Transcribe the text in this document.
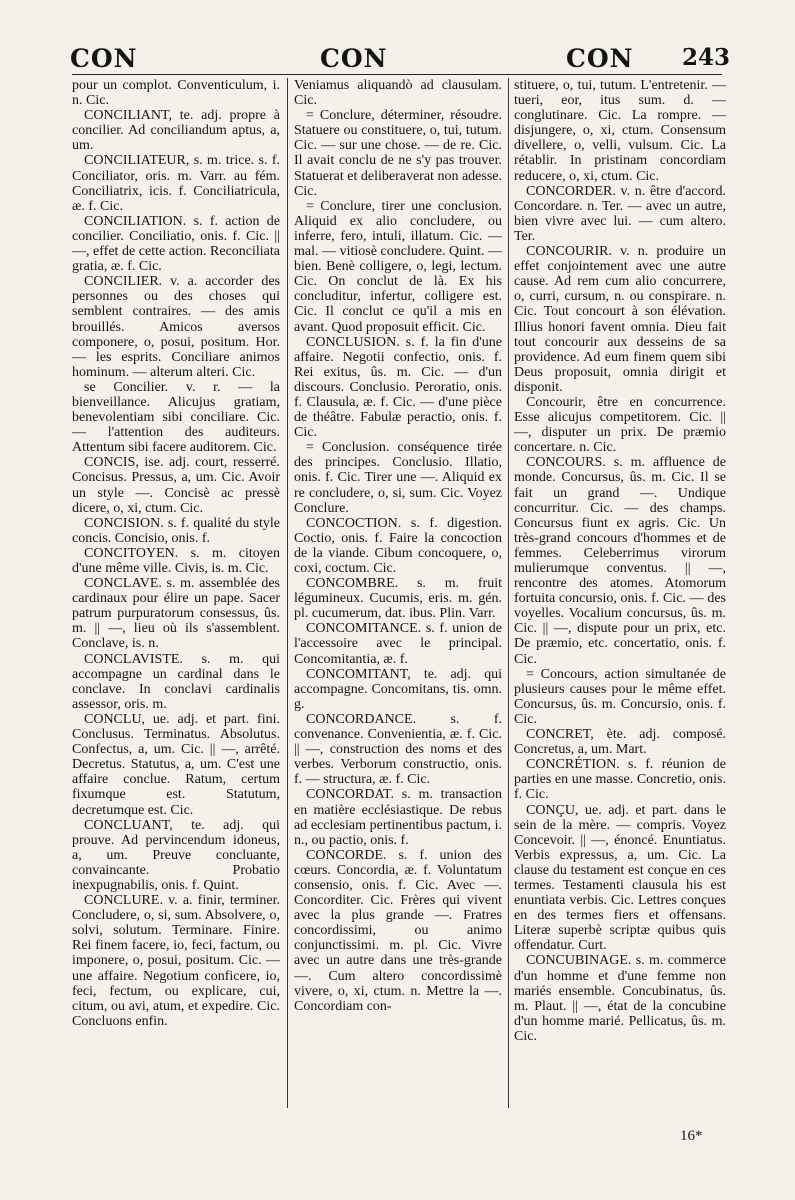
CON	CON	CON 243

pour un complot. Conventiculum, i. n. Cic.

CONCILIANT, te. adj. propre à concilier. Ad conciliandum aptus, a, um.

CONCILIATEUR, s. m. trice. s. f. Conciliator, oris. m. Varr. au fém. Conciliatrix, icis. f. Conciliatricula, æ. f. Cic.

CONCILIATION. s. f. action de concilier. Conciliatio, onis. f. Cic. || —, effet de cette action. Reconciliata gratia, æ. f. Cic.

CONCILIER. v. a. accorder des personnes ou des choses qui semblent contraires. — des amis brouillés. Amicos aversos componere, o, posui, positum. Hor. — les esprits. Conciliare animos hominum. — alterum alteri. Cic.

se Concilier. v. r. — la bienveillance. Alicujus gratiam, benevolentiam sibi conciliare. Cic. — l'attention des auditeurs. Attentum sibi facere auditorem. Cic.

CONCIS, ise. adj. court, resserré. Concisus. Pressus, a, um. Cic. Avoir un style —. Concisè ac pressè dicere, o, xi, ctum. Cic.

CONCISION. s. f. qualité du style concis. Concisio, onis. f.

CONCITOYEN. s. m. citoyen d'une même ville. Civis, is. m. Cic.

CONCLAVE. s. m. assemblée des cardinaux pour élire un pape. Sacer patrum purpuratorum consessus, ûs. m. || —, lieu où ils s'assemblent. Conclave, is. n.

CONCLAVISTE. s. m. qui accompagne un cardinal dans le conclave. In conclavi cardinalis assessor, oris. m.

CONCLU, ue. adj. et part. fini. Conclusus. Terminatus. Absolutus. Confectus, a, um. Cic. || —, arrêté. Decretus. Statutus, a, um. C'est une affaire conclue. Ratum, certum fixumque est. Statutum, decretumque est. Cic.

CONCLUANT, te. adj. qui prouve. Ad pervincendum idoneus, a, um. Preuve concluante, convaincante. Probatio inexpugnabilis, onis. f. Quint.

CONCLURE. v. a. finir, terminer. Concludere, o, si, sum. Absolvere, o, solvi, solutum. Terminare. Finire. Rei finem facere, io, feci, factum, ou imponere, o, posui, positum. Cic. — une affaire. Negotium conficere, io, feci, fectum, ou explicare, cui, citum, ou avi, atum, et expedire. Cic. Concluons enfin.

Veniamus aliquandò ad clausulam. Cic.

= Conclure, déterminer, résoudre. Statuere ou constituere, o, tui, tutum. Cic. — sur une chose. — de re. Cic. Il avait conclu de ne s'y pas trouver. Statuerat et deliberaverat non adesse. Cic.

= Conclure, tirer une conclusion. Aliquid ex alio concludere, ou inferre, fero, intuli, illatum. Cic. — mal. — vitiosè concludere. Quint. — bien. Benè colligere, o, legi, lectum. Cic. On conclut de là. Ex his concluditur, infertur, colligere est. Cic. Il conclut ce qu'il a mis en avant. Quod proposuit efficit. Cic.

CONCLUSION. s. f. la fin d'une affaire. Negotii confectio, onis. f. Rei exitus, ûs. m. Cic. — d'un discours. Conclusio. Peroratio, onis. f. Clausula, æ. f. Cic. — d'une pièce de théâtre. Fabulæ peractio, onis. f. Cic.

= Conclusion. conséquence tirée des principes. Conclusio. Illatio, onis. f. Cic. Tirer une —. Aliquid ex re concludere, o, si, sum. Cic. Voyez Conclure.

CONCOCTION. s. f. digestion. Coctio, onis. f. Faire la concoction de la viande. Cibum concoquere, o, coxi, coctum. Cic.

CONCOMBRE. s. m. fruit légumineux. Cucumis, eris. m. gén. pl. cucumerum, dat. ibus. Plin. Varr.

CONCOMITANCE. s. f. union de l'accessoire avec le principal. Concomitantia, æ. f.

CONCOMITANT, te. adj. qui accompagne. Concomitans, tis. omn. g.

CONCORDANCE. s. f. convenance. Convenientia, æ. f. Cic. || —, construction des noms et des verbes. Verborum constructio, onis. f. — structura, æ. f. Cic.

CONCORDAT. s. m. transaction en matière ecclésiastique. De rebus ad ecclesiam pertinentibus pactum, i. n., ou pactio, onis. f.

CONCORDE. s. f. union des cœurs. Concordia, æ. f. Voluntatum consensio, onis. f. Cic. Avec —. Concorditer. Cic. Frères qui vivent avec la plus grande —. Fratres concordissimi, ou animo conjunctissimi. m. pl. Cic. Vivre avec un autre dans une très-grande —. Cum altero concordissimè vivere, o, xi, ctum. n. Mettre la —. Concordiam con-

stituere, o, tui, tutum. L'entretenir. — tueri, eor, itus sum. d. — conglutinare. Cic. La rompre. — disjungere, o, xi, ctum. Consensum divellere, o, velli, vulsum. Cic. La rétablir. In pristinam concordiam reducere, o, xi, ctum. Cic.

CONCORDER. v. n. être d'accord. Concordare. n. Ter. — avec un autre, bien vivre avec lui. — cum altero. Ter.

CONCOURIR. v. n. produire un effet conjointement avec une autre cause. Ad rem cum alio concurrere, o, curri, cursum, n. ou conspirare. n. Cic. Tout concourt à son élévation. Illius honori favent omnia. Dieu fait tout concourir aux desseins de sa providence. Ad eum finem quem sibi Deus proposuit, omnia dirigit et disponit.

Concourir, être en concurrence. Esse alicujus competitorem. Cic. || —, disputer un prix. De præmio concertare. n. Cic.

CONCOURS. s. m. affluence de monde. Concursus, ûs. m. Cic. Il se fait un grand —. Undique concurritur. Cic. — des champs. Concursus fiunt ex agris. Cic. Un très-grand concours d'hommes et de femmes. Celeberrimus virorum mulierumque conventus. || —, rencontre des atomes. Atomorum fortuita concursio, onis. f. Cic. — des voyelles. Vocalium concursus, ûs. m. Cic. || —, dispute pour un prix, etc. De præmio, etc. concertatio, onis. f. Cic.

= Concours, action simultanée de plusieurs causes pour le même effet. Concursus, ûs. m. Concursio, onis. f. Cic.

CONCRET, ète. adj. composé. Concretus, a, um. Mart.

CONCRÉTION. s. f. réunion de parties en une masse. Concretio, onis. f. Cic.

CONÇU, ue. adj. et part. dans le sein de la mère. — compris. Voyez Concevoir. || —, énoncé. Enuntiatus. Verbis expressus, a, um. Cic. La clause du testament est conçue en ces termes. Testamenti clausula his est enuntiata verbis. Cic. Lettres conçues en des termes fiers et offensans. Literæ superbè scriptæ quibus quis offendatur. Curt.

CONCUBINAGE. s. m. commerce d'un homme et d'une femme non mariés ensemble. Concubinatus, ûs. m. Plaut. || —, état de la concubine d'un homme marié. Pellicatus, ûs. m. Cic.

16*
